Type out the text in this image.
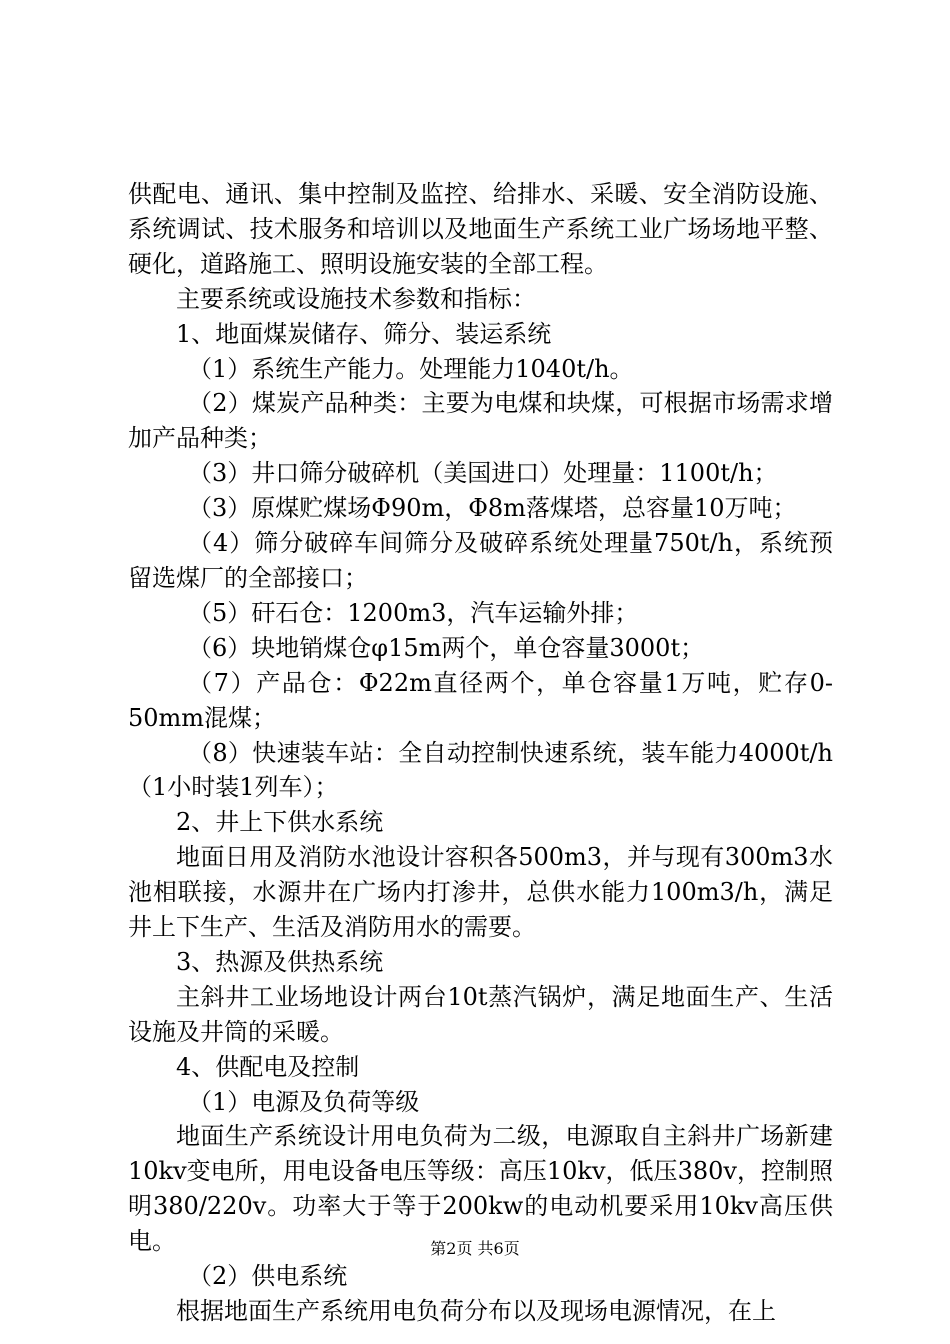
供配电、通讯、集中控制及监控、给排水、采暖、安全消防设施、系统调试、技术服务和培训以及地面生产系统工业广场场地平整、硬化，道路施工、照明设施安装的全部工程。

主要系统或设施技术参数和指标：

1、地面煤炭储存、筛分、装运系统

（1）系统生产能力。处理能力1040t/h。

（2）煤炭产品种类：主要为电煤和块煤，可根据市场需求增加产品种类；

（3）井口筛分破碎机（美国进口）处理量：1100t/h；

（3）原煤贮煤场Φ90m，Φ8m落煤塔，总容量10万吨；

（4）筛分破碎车间筛分及破碎系统处理量750t/h，系统预留选煤厂的全部接口；

（5）矸石仓：1200m3，汽车运输外排；

（6）块地销煤仓φ15m两个，单仓容量3000t；

（7）产品仓：Φ22m直径两个，单仓容量1万吨，贮存0-50mm混煤；

（8）快速装车站：全自动控制快速系统，装车能力4000t/h（1小时装1列车）；

2、井上下供水系统

地面日用及消防水池设计容积各500m3，并与现有300m3水池相联接，水源井在广场内打渗井，总供水能力100m3/h，满足井上下生产、生活及消防用水的需要。

3、热源及供热系统

主斜井工业场地设计两台10t蒸汽锅炉，满足地面生产、生活设施及井筒的采暖。

4、供配电及控制

（1）电源及负荷等级

地面生产系统设计用电负荷为二级，电源取自主斜井广场新建10kv变电所，用电设备电压等级：高压10kv，低压380v，控制照明380/220v。功率大于等于200kw的电动机要采用10kv高压供电。

（2）供电系统

根据地面生产系统用电负荷分布以及现场电源情况，在上

第2页 共6页
